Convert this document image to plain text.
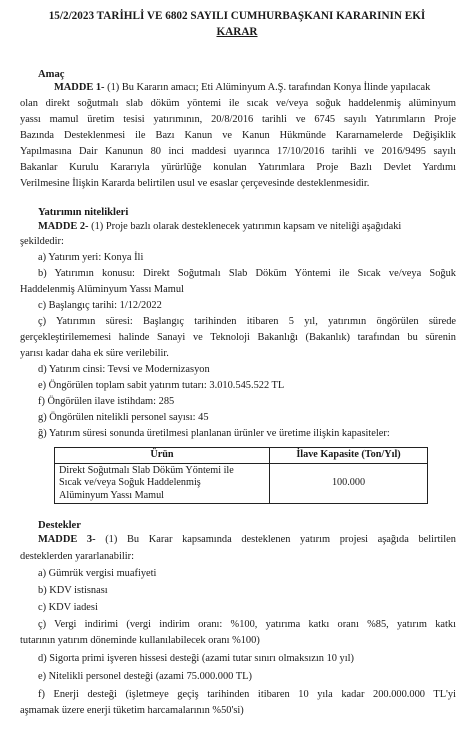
15/2/2023 TARİHLİ VE 6802 SAYILI CUMHURBAŞKANI KARARININ EKİ
KARAR
Amaç
MADDE 1- (1) Bu Kararın amacı; Eti Alüminyum A.Ş. tarafından Konya İlinde yapılacak
olan direkt soğutmalı slab döküm yöntemi ile sıcak ve/veya soğuk haddelenmiş alüminyum
yassı mamul üretim tesisi yatırımının, 20/8/2016 tarihli ve 6745 sayılı Yatırımların Proje
Bazında Desteklenmesi ile Bazı Kanun ve Kanun Hükmünde Kararnamelerde Değişiklik
Yapılmasına Dair Kanunun 80 inci maddesi uyarınca 17/10/2016 tarihli ve 2016/9495 sayılı
Bakanlar Kurulu Kararıyla yürürlüğe konulan Yatırımlara Proje Bazlı Devlet Yardımı
Verilmesine İlişkin Kararda belirtilen usul ve esaslar çerçevesinde desteklenmesidir.
Yatırımın nitelikleri
MADDE 2- (1) Proje bazlı olarak desteklenecek yatırımın kapsam ve niteliği aşağıdaki
şekildedir:
a) Yatırım yeri: Konya İli
b) Yatırımın konusu: Direkt Soğutmalı Slab Döküm Yöntemi ile Sıcak ve/veya Soğuk
Haddelenmiş Alüminyum Yassı Mamul
c) Başlangıç tarihi: 1/12/2022
ç) Yatırımın süresi: Başlangıç tarihinden itibaren 5 yıl, yatırımın öngörülen sürede
gerçekleştirilememesi halinde Sanayi ve Teknoloji Bakanlığı (Bakanlık) tarafından bu sürenin
yarısı kadar daha ek süre verilebilir.
d) Yatırım cinsi: Tevsi ve Modernizasyon
e) Öngörülen toplam sabit yatırım tutarı: 3.010.545.522 TL
f) Öngörülen ilave istihdam: 285
g) Öngörülen nitelikli personel sayısı: 45
ğ) Yatırım süresi sonunda üretilmesi planlanan ürünler ve üretime ilişkin kapasiteler:
Ürün	İlave Kapasite (Ton/Yıl)

Direkt Soğutmalı Slab Döküm Yöntemi ile
Sıcak ve/veya Soğuk Haddelenmiş
Alüminyum Yassı Mamul	100.000
Destekler
MADDE 3- (1) Bu Karar kapsamında desteklenen yatırım projesi aşağıda belirtilen
desteklerden yararlanabilir:
a) Gümrük vergisi muafiyeti
b) KDV istisnası
c) KDV iadesi
ç) Vergi indirimi (vergi indirim oranı: %100, yatırıma katkı oranı %85, yatırım katkı
tutarının yatırım döneminde kullanılabilecek oranı %100)
d) Sigorta primi işveren hissesi desteği (azami tutar sınırı olmaksızın 10 yıl)
e) Nitelikli personel desteği (azami 75.000.000 TL)
f) Enerji desteği (işletmeye geçiş tarihinden itibaren 10 yıla kadar 200.000.000 TL'yi
aşmamak üzere enerji tüketim harcamalarının %50'si)
